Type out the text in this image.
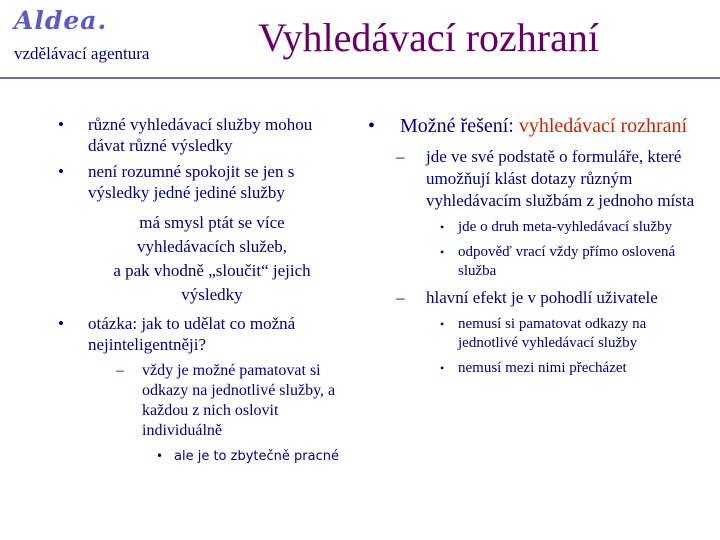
Aldea.
vzdělávací agentura	Vyhledávací rozhraní
• různé vyhledávací služby mohou dávat různé výsledky
• není rozumné spokojit se jen s výsledky jedné jediné služby
má smysl ptát se více
vyhledávacích služeb,
a pak vhodně „sloučit“ jejich
výsledky
• otázka: jak to udělat co možná nejinteligentněji?
– vždy je možné pamatovat si odkazy na jednotlivé služby, a každou z nich oslovit individuálně
• ale je to zbytečně pracné
• Možné řešení: vyhledávací rozhraní
– jde ve své podstatě o formuláře, které umožňují klást dotazy různým vyhledávacím službám z jednoho místa
• jde o druh meta-vyhledávací služby
• odpověď vrací vždy přímo oslovená služba
– hlavní efekt je v pohodlí uživatele
• nemusí si pamatovat odkazy na jednotlivé vyhledávací služby
• nemusí mezi nimi přecházet
